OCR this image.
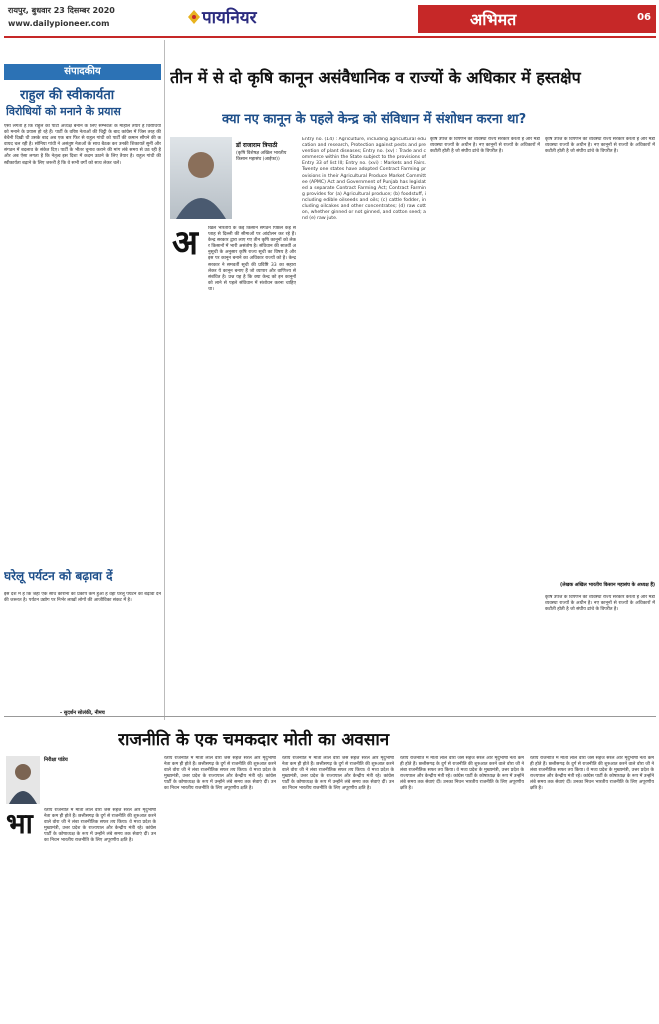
रायपुर, बुधवार 23 दिसम्बर 2020
www.dailypioneer.com	पायनियर	अभिमत	06
संपादकीय
राहुल की स्वीकार्यता
विरोधियों को मनाने के प्रयास
ऐसा लगता है कि राहुल को पार्टी अध्यक्ष बनाने के लिए सम्भवतः के माहौल तैयार है विरोधियों को मनाने के प्रयास हो रहे हैं। पार्टी के वरिष्ठ नेताओं की चिट्ठी के बाद कांग्रेस में जिस तरह की बेचैनी दिखी थी उसके बाद अब एक बार फिर से राहुल गांधी को पार्टी की कमान सौंपने की कवायद चल रही है। सोनिया गांधी ने असंतुष्ट नेताओं के साथ बैठक कर उनकी शिकायतें सुनीं और संगठन में बदलाव के संकेत दिए। पार्टी के भीतर चुनाव कराने की मांग लंबे समय से उठ रही है और अब ऐसा लगता है कि नेतृत्व इस दिशा में कदम उठाने के लिए तैयार है। राहुल गांधी की स्वीकार्यता बढ़ाने के लिए जरूरी है कि वे सभी वर्गों को साथ लेकर चलें।
घरेलू पर्यटन को बढ़ावा दें
इस देश में हैं कि जहां एक साथ कोरोना का प्रकोप कम हुआ है वहां घरेलू पर्यटन को बढ़ावा देने की जरूरत है। पर्यटन उद्योग पर निर्भर लाखों लोगों की आजीविका संकट में है।
- सुदर्शन सोलंकी, नीमच
तीन में से दो कृषि कानून असंवैधानिक व राज्यों के अधिकार में हस्तक्षेप
क्या नए कानून के पहले केन्द्र को संविधान में संशोधन करना था?
डॉ राजाराम त्रिपाठी
(कृषि विशेषज्ञ अखिल भारतीय किसान महासंघ (आईफा))
अ खिल भारतीय के कई किसान संगठन पिछले कई सप्ताह से दिल्ली की सीमाओं पर आंदोलन कर रहे हैं। केन्द्र सरकार द्वारा लाए गए तीन कृषि कानूनों को लेकर किसानों में भारी असंतोष है। संविधान की सातवीं अनुसूची के अनुसार कृषि राज्य सूची का विषय है और इस पर कानून बनाने का अधिकार राज्यों को है। केन्द्र सरकार ने समवर्ती सूची की प्रविष्टि 33 का सहारा लेकर ये कानून बनाए हैं जो व्यापार और वाणिज्य से संबंधित है। प्रश्न यह है कि क्या केन्द्र को इन कानूनों को लाने से पहले संविधान में संशोधन करना चाहिए था।
Entry no. (14) : Agriculture, including agricultural education and research, Protection against pests and prevention of plant diseases; Entry no. (xv) : Trade and commerce within the State subject to the provisions of Entry 33 of list III; Entry no. (xvi) : Markets and Fairs. Twenty one states have adopted Contract Farming provisions in their Agricultural Produce Market Committee (APMC) Act and Government of Punjab has legislated a separate Contract Farming Act; Contract Farming provides for (a) Agricultural produce; (b) foodstuff, including edible oilseeds and oils; (c) cattle fodder, including oilcakes and other concentrates; (d) raw cotton, whether ginned or not ginned, and cotton seed; and (e) raw jute.
कृषि उपज के विपणन की व्यवस्था राज्य सरकारें करती हैं और मंडी व्यवस्था राज्यों के अधीन है। नए कानूनों से राज्यों के अधिकारों में कटौती होती है जो संघीय ढांचे के विपरीत है।
कृषि उपज के विपणन की व्यवस्था राज्य सरकारें करती हैं और मंडी व्यवस्था राज्यों के अधीन है। नए कानूनों से राज्यों के अधिकारों में कटौती होती है जो संघीय ढांचे के विपरीत है।
(लेखक अखिल भारतीय किसान महासंघ के अध्यक्ष हैं)
कृषि उपज के विपणन की व्यवस्था राज्य सरकारें करती हैं और मंडी व्यवस्था राज्यों के अधीन है। नए कानूनों से राज्यों के अधिकारों में कटौती होती है जो संघीय ढांचे के विपरीत है।
राजनीति के एक चमकदार मोती का अवसान
निरीक्षा पांडेय
भा रतीय राजनीति में मोती लाल वोरा जैसे सहज सरल और मृदुभाषी नेता कम ही होते हैं। छत्तीसगढ़ के दुर्ग से राजनीति की शुरुआत करने वाले वोरा जी ने लंबा राजनीतिक सफर तय किया। वे मध्य प्रदेश के मुख्यमंत्री, उत्तर प्रदेश के राज्यपाल और केन्द्रीय मंत्री रहे। कांग्रेस पार्टी के कोषाध्यक्ष के रूप में उन्होंने लंबे समय तक सेवाएं दीं। उनका निधन भारतीय राजनीति के लिए अपूरणीय क्षति है।
रतीय राजनीति में मोती लाल वोरा जैसे सहज सरल और मृदुभाषी नेता कम ही होते हैं। छत्तीसगढ़ के दुर्ग से राजनीति की शुरुआत करने वाले वोरा जी ने लंबा राजनीतिक सफर तय किया। वे मध्य प्रदेश के मुख्यमंत्री, उत्तर प्रदेश के राज्यपाल और केन्द्रीय मंत्री रहे। कांग्रेस पार्टी के कोषाध्यक्ष के रूप में उन्होंने लंबे समय तक सेवाएं दीं। उनका निधन भारतीय राजनीति के लिए अपूरणीय क्षति है।
रतीय राजनीति में मोती लाल वोरा जैसे सहज सरल और मृदुभाषी नेता कम ही होते हैं। छत्तीसगढ़ के दुर्ग से राजनीति की शुरुआत करने वाले वोरा जी ने लंबा राजनीतिक सफर तय किया। वे मध्य प्रदेश के मुख्यमंत्री, उत्तर प्रदेश के राज्यपाल और केन्द्रीय मंत्री रहे। कांग्रेस पार्टी के कोषाध्यक्ष के रूप में उन्होंने लंबे समय तक सेवाएं दीं। उनका निधन भारतीय राजनीति के लिए अपूरणीय क्षति है।
रतीय राजनीति में मोती लाल वोरा जैसे सहज सरल और मृदुभाषी नेता कम ही होते हैं। छत्तीसगढ़ के दुर्ग से राजनीति की शुरुआत करने वाले वोरा जी ने लंबा राजनीतिक सफर तय किया। वे मध्य प्रदेश के मुख्यमंत्री, उत्तर प्रदेश के राज्यपाल और केन्द्रीय मंत्री रहे। कांग्रेस पार्टी के कोषाध्यक्ष के रूप में उन्होंने लंबे समय तक सेवाएं दीं। उनका निधन भारतीय राजनीति के लिए अपूरणीय क्षति है।
रतीय राजनीति में मोती लाल वोरा जैसे सहज सरल और मृदुभाषी नेता कम ही होते हैं। छत्तीसगढ़ के दुर्ग से राजनीति की शुरुआत करने वाले वोरा जी ने लंबा राजनीतिक सफर तय किया। वे मध्य प्रदेश के मुख्यमंत्री, उत्तर प्रदेश के राज्यपाल और केन्द्रीय मंत्री रहे। कांग्रेस पार्टी के कोषाध्यक्ष के रूप में उन्होंने लंबे समय तक सेवाएं दीं। उनका निधन भारतीय राजनीति के लिए अपूरणीय क्षति है।
